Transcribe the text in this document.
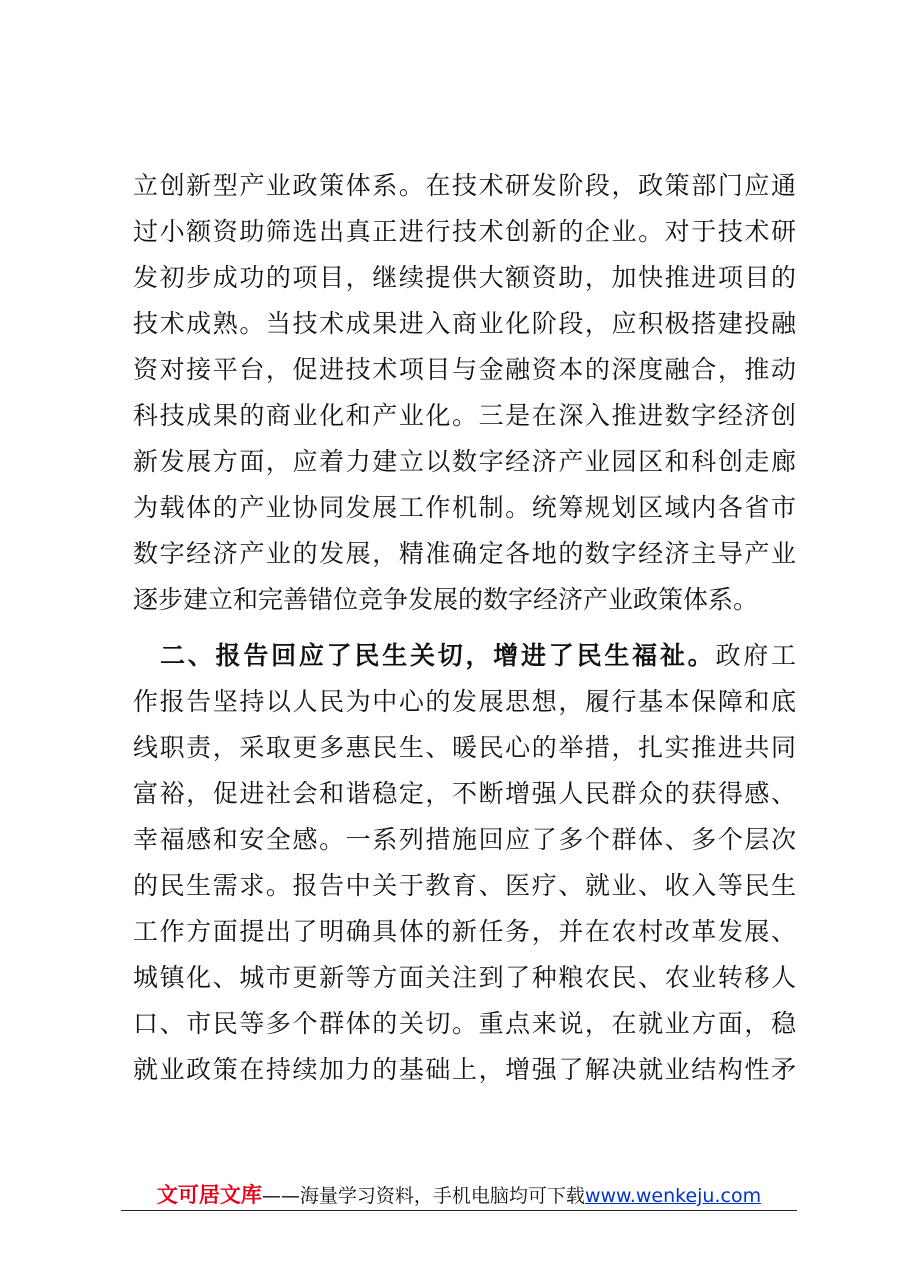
立创新型产业政策体系。在技术研发阶段，政策部门应通
过小额资助筛选出真正进行技术创新的企业。对于技术研
发初步成功的项目，继续提供大额资助，加快推进项目的
技术成熟。当技术成果进入商业化阶段，应积极搭建投融
资对接平台，促进技术项目与金融资本的深度融合，推动
科技成果的商业化和产业化。三是在深入推进数字经济创
新发展方面，应着力建立以数字经济产业园区和科创走廊
为载体的产业协同发展工作机制。统筹规划区域内各省市
数字经济产业的发展，精准确定各地的数字经济主导产业
逐步建立和完善错位竞争发展的数字经济产业政策体系。
二、报告回应了民生关切，增进了民生福祉。政府工
作报告坚持以人民为中心的发展思想，履行基本保障和底
线职责，采取更多惠民生、暖民心的举措，扎实推进共同
富裕，促进社会和谐稳定，不断增强人民群众的获得感、
幸福感和安全感。一系列措施回应了多个群体、多个层次
的民生需求。报告中关于教育、医疗、就业、收入等民生
工作方面提出了明确具体的新任务，并在农村改革发展、
城镇化、城市更新等方面关注到了种粮农民、农业转移人
口、市民等多个群体的关切。重点来说，在就业方面，稳
就业政策在持续加力的基础上，增强了解决就业结构性矛
文可居文库——海量学习资料，手机电脑均可下载www.wenkeju.com
